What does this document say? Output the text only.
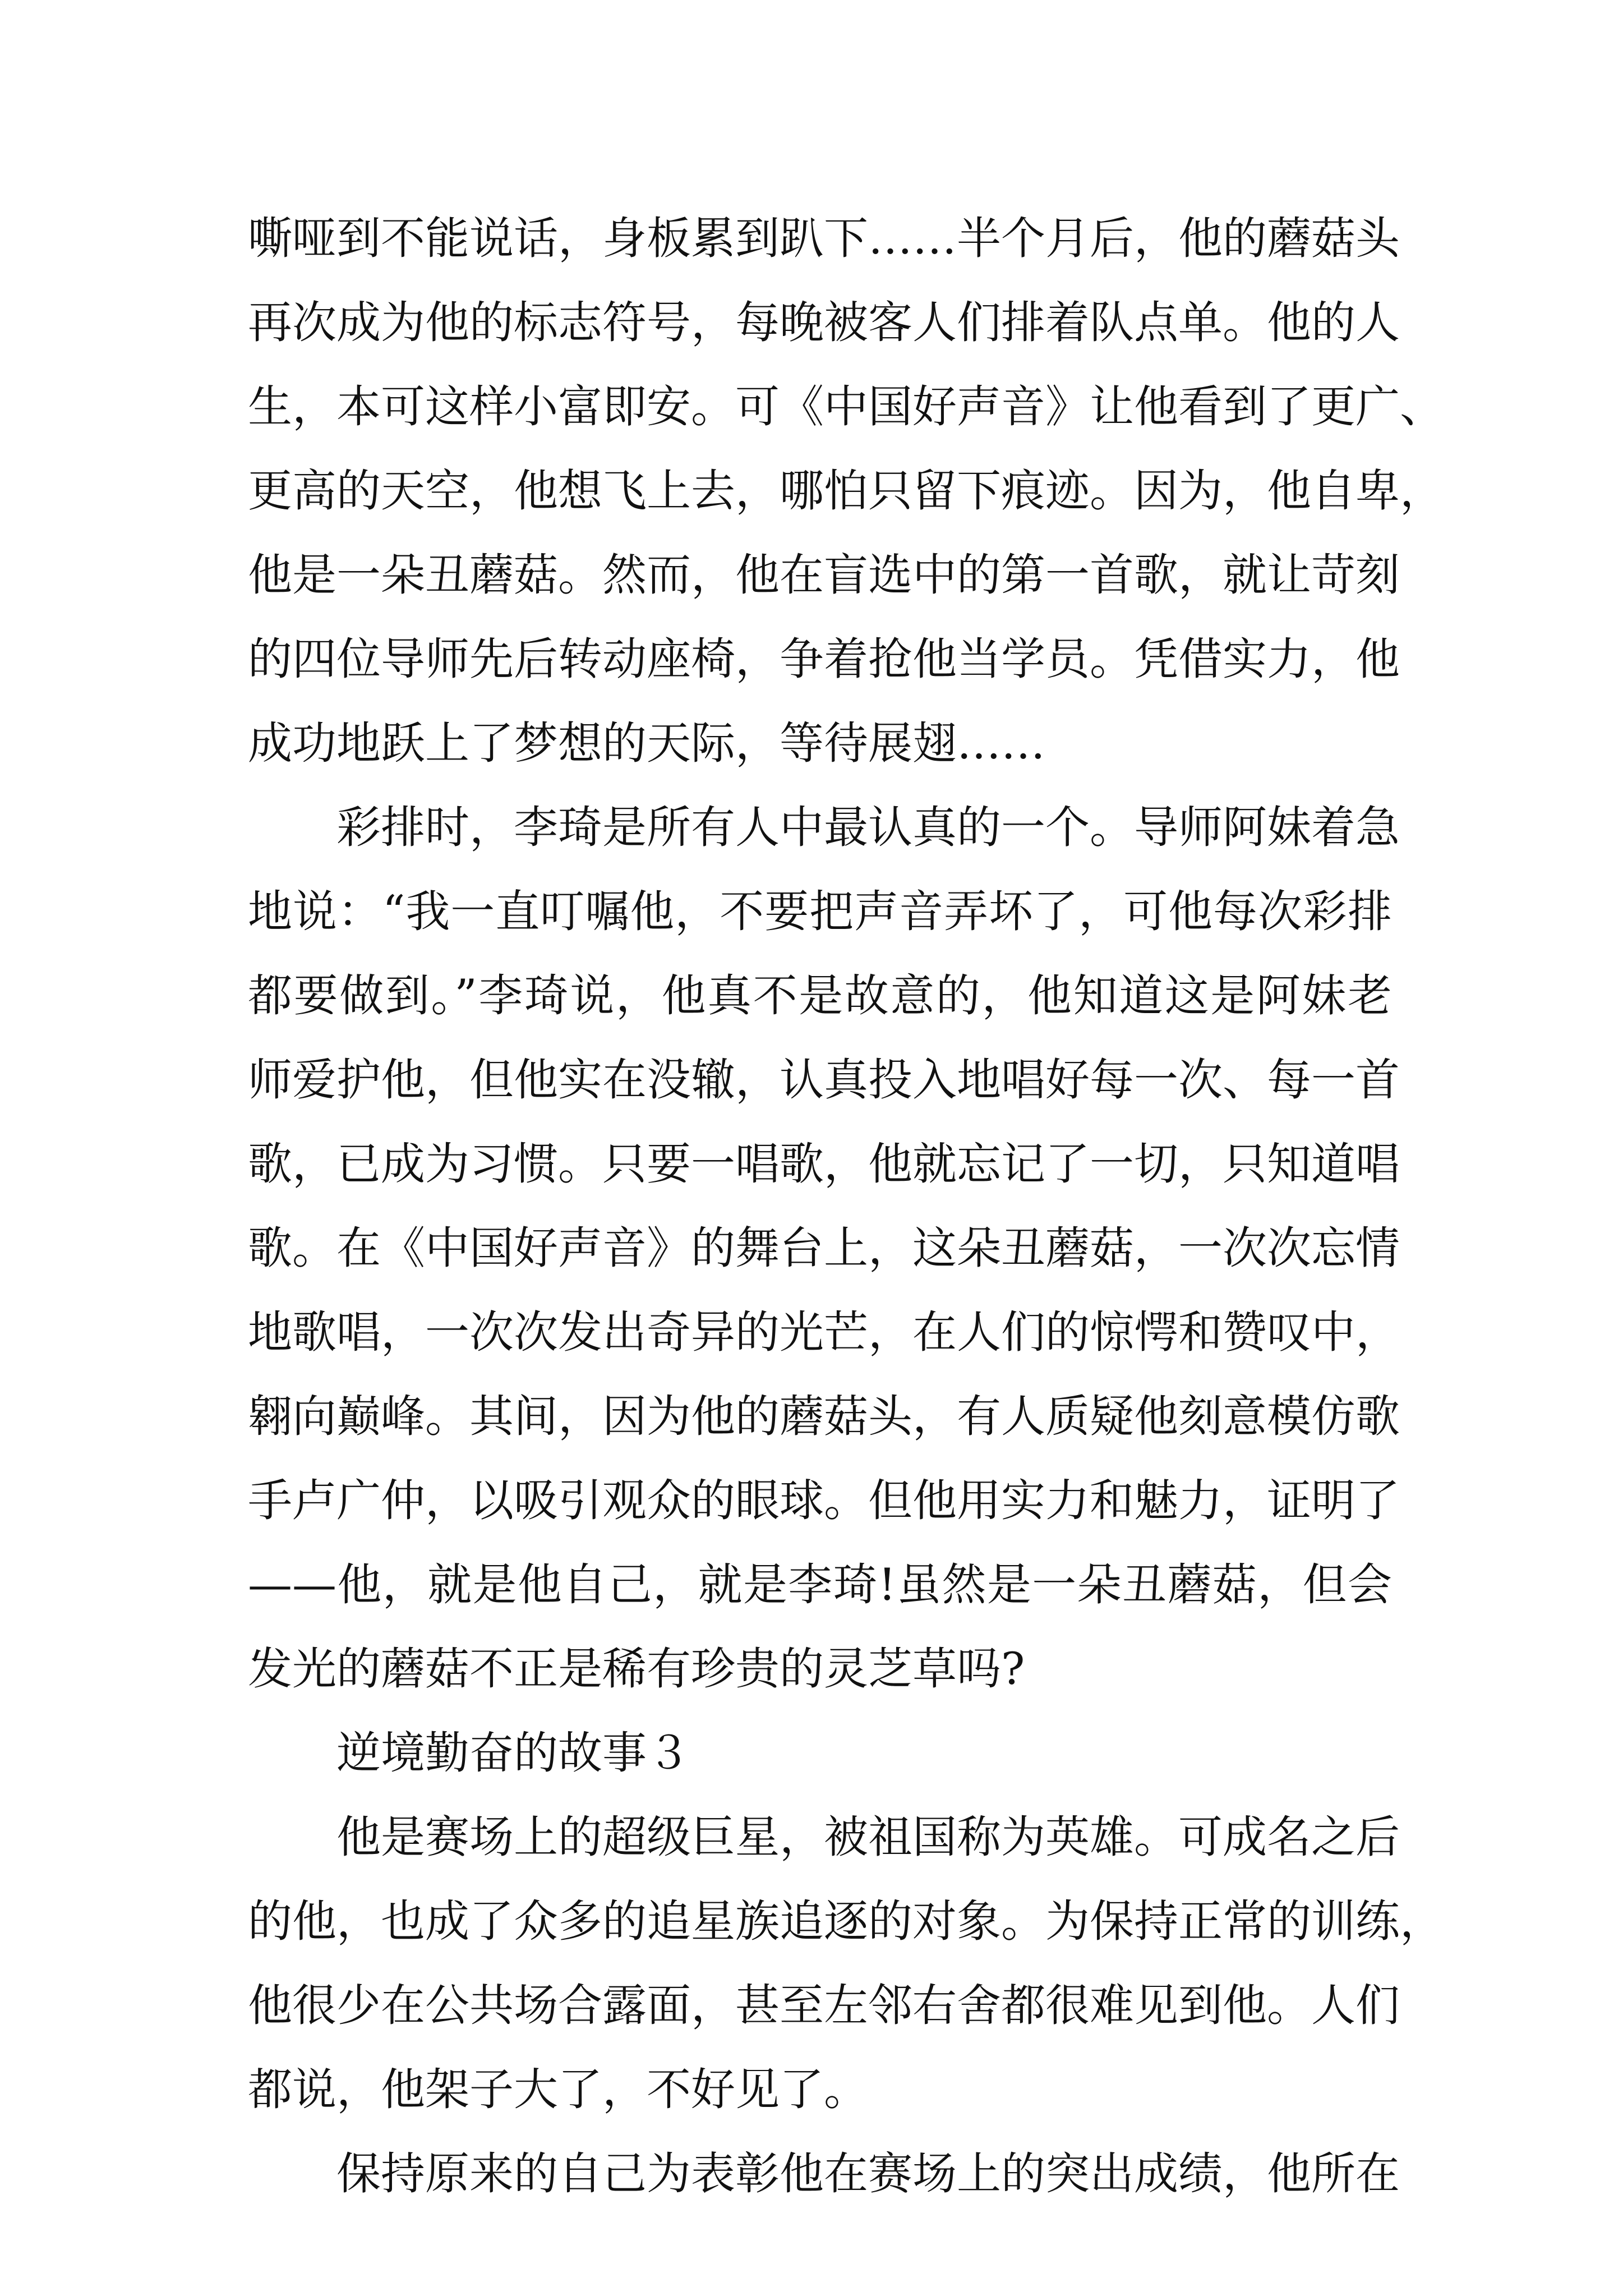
嘶哑到不能说话，身板累到趴下……半个月后，他的蘑菇头
再次成为他的标志符号，每晚被客人们排着队点单。他的人
生，本可这样小富即安。可《中国好声音》让他看到了更广、
更高的天空，他想飞上去，哪怕只留下痕迹。因为，他自卑，
他是一朵丑蘑菇。然而，他在盲选中的第一首歌，就让苛刻
的四位导师先后转动座椅，争着抢他当学员。凭借实力，他
成功地跃上了梦想的天际，等待展翅……
彩排时，李琦是所有人中最认真的一个。导师阿妹着急
地说：“我一直叮嘱他，不要把声音弄坏了，可他每次彩排
都要做到。”李琦说，他真不是故意的，他知道这是阿妹老
师爱护他，但他实在没辙，认真投入地唱好每一次、每一首
歌，已成为习惯。只要一唱歌，他就忘记了一切，只知道唱
歌。在《中国好声音》的舞台上，这朵丑蘑菇，一次次忘情
地歌唱，一次次发出奇异的光芒，在人们的惊愕和赞叹中，
翱向巅峰。其间，因为他的蘑菇头，有人质疑他刻意模仿歌
手卢广仲，以吸引观众的眼球。但他用实力和魅力，证明了
——他，就是他自己，就是李琦!虽然是一朵丑蘑菇，但会
发光的蘑菇不正是稀有珍贵的灵芝草吗?
逆境勤奋的故事３
他是赛场上的超级巨星，被祖国称为英雄。可成名之后
的他，也成了众多的追星族追逐的对象。为保持正常的训练，
他很少在公共场合露面，甚至左邻右舍都很难见到他。人们
都说，他架子大了，不好见了。
保持原来的自己为表彰他在赛场上的突出成绩，他所在
